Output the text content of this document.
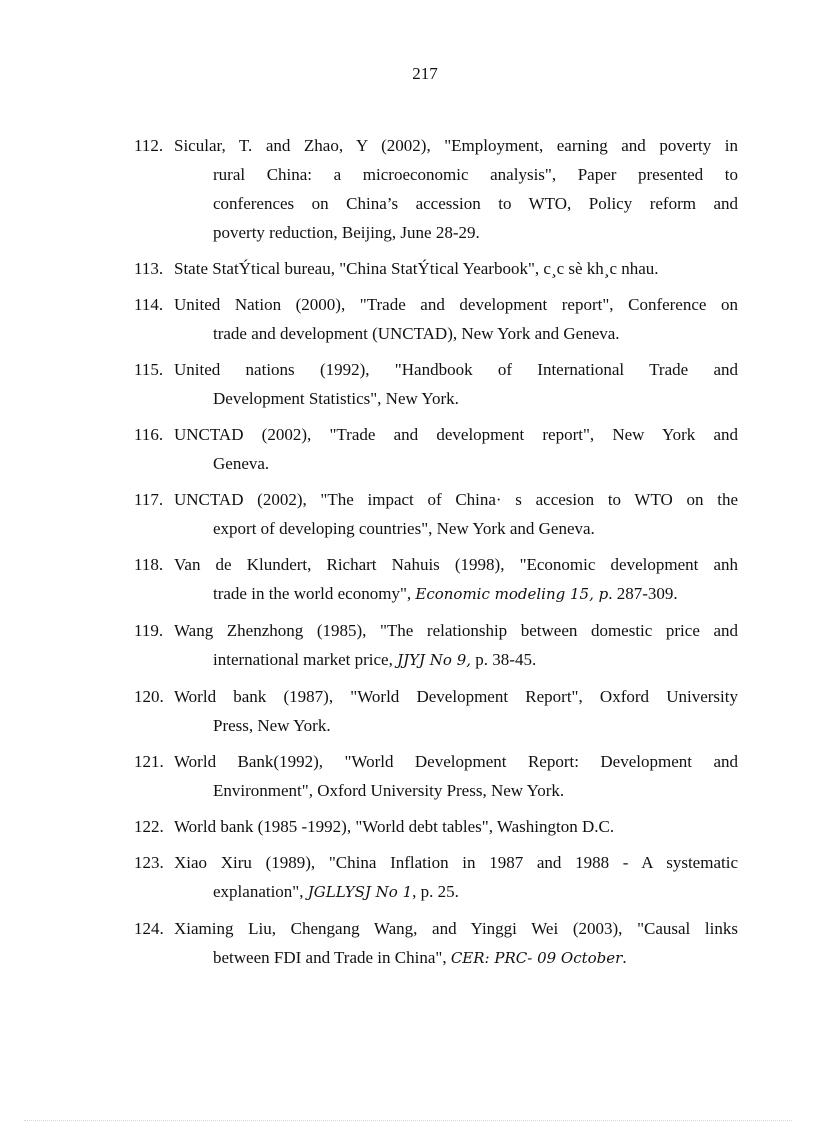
217
112. Sicular, T. and Zhao, Y (2002), "Employment, earning and poverty in
rural China: a microeconomic analysis", Paper presented to
conferences on China’s accession to WTO, Policy reform and
poverty reduction, Beijing, June 28-29.
113. State StatÝtical bureau, "China StatÝtical Yearbook", c¸c sè kh¸c nhau.
114. United Nation (2000), "Trade and development report", Conference on
trade and development (UNCTAD), New York and Geneva.
115. United nations (1992), "Handbook of International Trade and
Development Statistics", New York.
116. UNCTAD (2002), "Trade and development report", New York and
Geneva.
117. UNCTAD (2002), "The impact of China· s accesion to WTO on the
export of developing countries", New York and Geneva.
118. Van de Klundert, Richart Nahuis (1998), "Economic development anh
trade in the world economy", Economic modeling 15, p. 287-309.
119. Wang Zhenzhong (1985), "The relationship between domestic price and
international market price, JJYJ No 9, p. 38-45.
120. World bank (1987), "World Development Report", Oxford University
Press, New York.
121. World Bank(1992), "World Development Report: Development and
Environment", Oxford University Press, New York.
122. World bank (1985 -1992), "World debt tables", Washington D.C.
123. Xiao Xiru (1989), "China Inflation in 1987 and 1988 - A systematic
explanation", JGLLYSJ No 1, p. 25.
124. Xiaming Liu, Chengang Wang, and Yinggi Wei (2003), "Causal links
between FDI and Trade in China", CER: PRC- 09 October.
